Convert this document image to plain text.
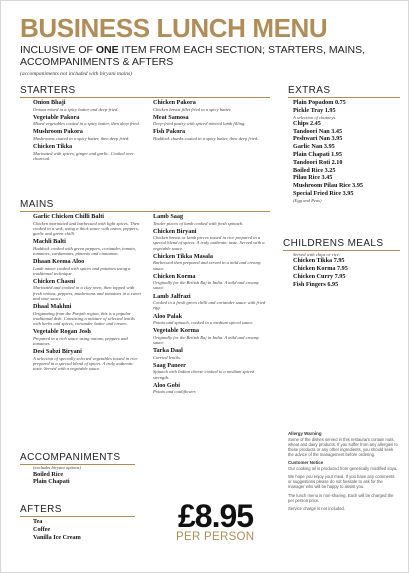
BUSINESS LUNCH MENU
INCLUSIVE OF ONE ITEM FROM EACH SECTION; STARTERS, MAINS, ACCOMPANIMENTS & AFTERS
(accompaniments not included with biryani mains)
STARTERS
Onion Bhaji
Onions mixed in a spicy batter and deep-fried.
Vegetable Pakora
Mixed vegetables coated in a spicy batter, then deep fried.
Mushroom Pakora
Mushrooms coated in a spicy batter, then deep fried.
Chicken Tikka
Marinated with spices, ginger and garlic. Cooked over charcoal.
Chicken Pakora
Chicken breast fillet fried in a spicy batter.
Meat Samosa
Deep-fried pastry with spiced minced lamb filling.
Fish Pakora
Haddock chunks coated in a spicy batter, then deep fried.
MAINS
Garlic Chicken Chilli Balti
Chicken marinated and barbecued with light spices. Then cooked in a wok, using a thick sauce with onion, peppers, garlic and green chilli.
Machli Balti
Haddock cooked with green peppers, coriander, tomato, tomatoes, cardamoms, pimento and cinnamon.
Dhaan Keema Aloo
Lamb mince cooked with spices and potatoes using a traditional technique.
Chicken Chasni
Marinated and cooked in a clay oven, then topped with fresh onions, peppers, mushrooms and tomatoes in a sweet and sour sauce.
Dhaal Makhni
Originating from the Punjab region, this is a popular traditional dish. Consisting a mixture of selected lentils with herbs and spices, coriander butter and cream.
Vegetable Rogan Josh
Prepared in a rich sauce using onions, peppers and tomatoes.
Desi Sabzi Biryani
A selection of specially selected vegetables tossed in rice prepared in a special blend of spices. A truly authentic taste. Served with a vegetable sauce.
Lamb Saag
Tender pieces of lamb cooked with fresh spinach.
Chicken Biryani
Chicken breast or lamb pieces tossed in rice prepared in a special blend of spices. A truly authentic taste. Served with a vegetable sauce.
Chicken Tikka Masala
Barbecued then prepared and served in a mild and creamy sauce.
Chicken Korma
Originally for the British Raj in India. A mild and creamy sauce.
Lamb Jalfrazi
Cooked in a fresh green chilli and coriander sauce with fried egg.
Aloo Palak
Potato and spinach, cooked in a medium spiced sauce.
Vegetable Korma
Originally for the British Raj in India. A mild and creamy sauce.
Tarka Daal
Curried lentils.
Saag Paneer
Spinach with Indian cheese cooked to a medium spiced strength.
Aloo Gobi
Potato and cauliflower.
ACCOMPANIMENTS
(excludes biryani options)
Boiled Rice
Plain Chapati
AFTERS
Tea
Coffee
Vanilla Ice Cream
EXTRAS
Plain Popadom 0.75
Pickle Tray 1.95
A selection of chutneys.
Chips 2.45
Tandoori Nan 3.45
Peshwari Nan 3.95
Garlic Nan 3.95
Plain Chapati 1.95
Tandoori Roti 2.10
Boiled Rice 3.25
Pilau Rice 3.45
Mushroom Pilau Rice 3.95
Special Fried Rice 3.95
(Egg and Peas)
CHILDRENS MEALS
Served with chips or rice.
Chicken Tikka 7.95
Chicken Korma 7.95
Chicken Curry 7.95
Fish Fingers 6.95
£8.95
PER PERSON
Allergy Warning
Some of the dishes served in this restaurant contain nuts, wheat and dairy products. If you suffer from any allergies to these products or any other ingredients, you should seek the advice of the management before ordering.
Customer Notice
Our cooking oil is produced from genetically modified soya.
We hope you enjoy your meal. If you have any comments or suggestions please do not hesitate to ask for the manager who will be happy to assist you.
The lunch menu is non-sharing. Each will be charged the per person price.
Service charge is not included.
